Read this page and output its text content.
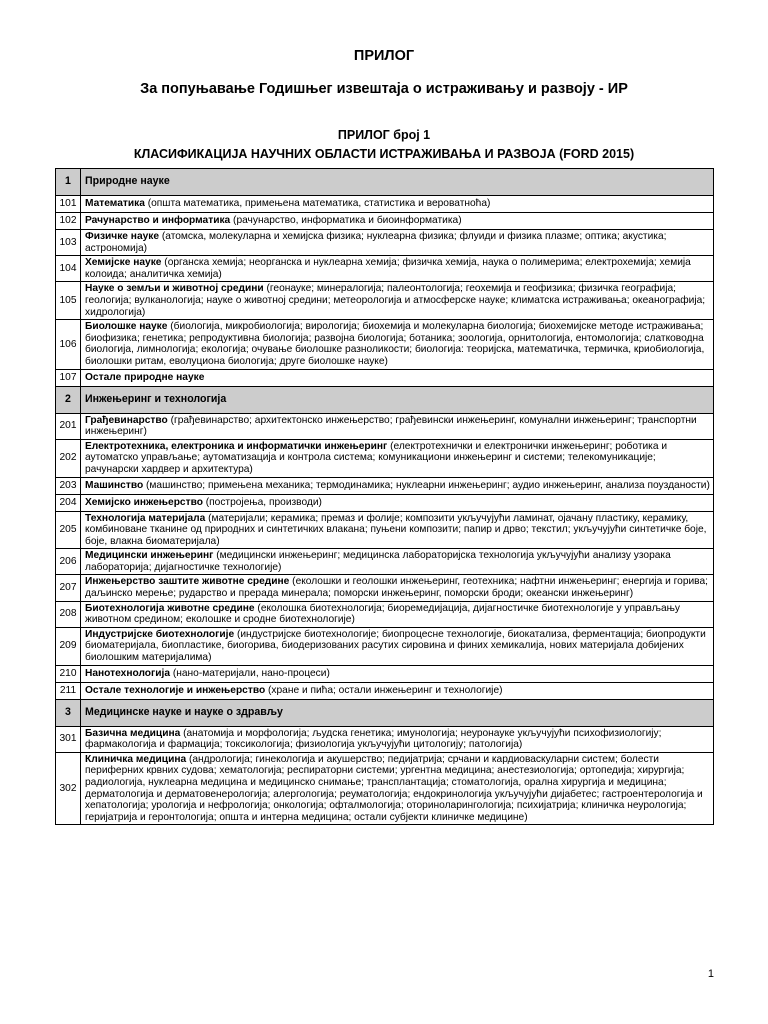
ПРИЛОГ
За попуњавање Годишњег извештаја о истраживању и развоју - ИР
ПРИЛОГ број 1
КЛАСИФИКАЦИЈА НАУЧНИХ ОБЛАСТИ ИСТРАЖИВАЊА И РАЗВОЈА (FORD 2015)
1	Природне науке
101	Математика (општа математика, примењена математика, статистика и вероватноћа)
102	Рачунарство и информатика (рачунарство, информатика и биоинформатика)
103	Физичке науке (атомска, молекуларна и хемијска физика; нуклеарна физика; флуиди и физика плазме; оптика; акустика; астрономија)
104	Хемијске науке (органска хемија; неорганска и нуклеарна хемија; физичка хемија, наука о полимерима; електрохемија; хемија колоида; аналитичка хемија)
105	Науке о земљи и животној средини (геонауке; минералогија; палеонтологија; геохемија и геофизика; физичка географија; геологија; вулканологија; науке о животној средини; метеорологија и атмосферске науке; климатска истраживања; океанографија; хидрологија)
106	Биолошке науке (биологија, микробиологија; вирологија; биохемија и молекуларна биологија; биохемијске методе истраживања; биофизика; генетика; репродуктивна биологија; развојна биологија; ботаника; зоологија, орнитологија, ентомологија; слатководна биологија, лимнологија; екологија; очување биолошке разноликости; биологија: теоријска, математичка, термичка, криобиологија, биолошки ритам, еволуциона биологија; друге биолошке науке)
107	Остале природне науке
2	Инжењеринг и технологија
201	Грађевинарство (грађевинарство; архитектонско инжењерство; грађевински инжењеринг, комунални инжењеринг; транспортни инжењеринг)
202	Електротехника, електроника и информатички инжењеринг (електротехнички и електронички инжењеринг; роботика и аутоматско управљање; аутоматизација и контрола система; комуникациони инжењеринг и системи; телекомуникације; рачунарски хардвер и архитектура)
203	Машинство (машинство; примењена механика; термодинамика; нуклеарни инжењеринг; аудио инжењеринг, анализа поузданости)
204	Хемијско инжењерство (постројења, производи)
205	Технологија материјала (материјали; керамика; премаз и фолије; композити укључујући ламинат, ојачану пластику, керамику, комбиноване тканине од природних и синтетичких влакана; пуњени композити; папир и дрво; текстил; укључујући синтетичке боје, боје, влакна биоматеријала)
206	Медицински инжењеринг (медицински инжењеринг; медицинска лабораторијска технологија укључујући анализу узорака лабораторија; дијагностичке технологије)
207	Инжењерство заштите животне средине (еколошки и геолошки инжењеринг, геотехника; нафтни инжењеринг; енергија и горива; даљинско мерење; рударство и прерада минерала; поморски инжењеринг, поморски броди; океански инжењеринг)
208	Биотехнологија животне средине (еколошка биотехнологија; биоремедијација, дијагностичке биотехнологије у управљању животном средином; еколошке и сродне биотехнологије)
209	Индустријске биотехнологије (индустријске биотехнологије; биопроцесне технологије, биокатализа, ферментација; биопродукти биоматеријала, биопластике, биогорива, биодеризованих расутих сировина и финих хемикалија, нових материјала добијених биолошким материјалима)
210	Нанотехнологија (нано-материјали, нано-процеси)
211	Остале технологије и инжењерство (хране и пића; остали инжењеринг и технологије)
3	Медицинске науке и науке о здрављу
301	Базична медицина (анатомија и морфологија; људска генетика; имунологија; неуронауке укључујући психофизиологију; фармакологија и фармација; токсикологија; физиологија укључујући цитологију; патологија)
302	Клиничка медицина (андрологија; гинекологија и акушерство; педијатрија; срчани и кардиоваскуларни систем; болести периферних крвних судова; хематологија; респираторни системи; ургентна медицина; анестезиологија; ортопедија; хирургија; радиологија, нуклеарна медицина и медицинско снимање; трансплантација; стоматологија, орална хирургија и медицина; дерматологија и дерматовенерологија; алергологија; реуматологија; ендокринологија укључујући дијабетес; гастроентерологија и хепатологија; урологија и нефрологија; онкологија; офталмологија; оториноларингологија; психијатрија; клиничка неурологија; геријатрија и геронтологија; општа и интерна медицина; остали субјекти клиничке медицине)
1
